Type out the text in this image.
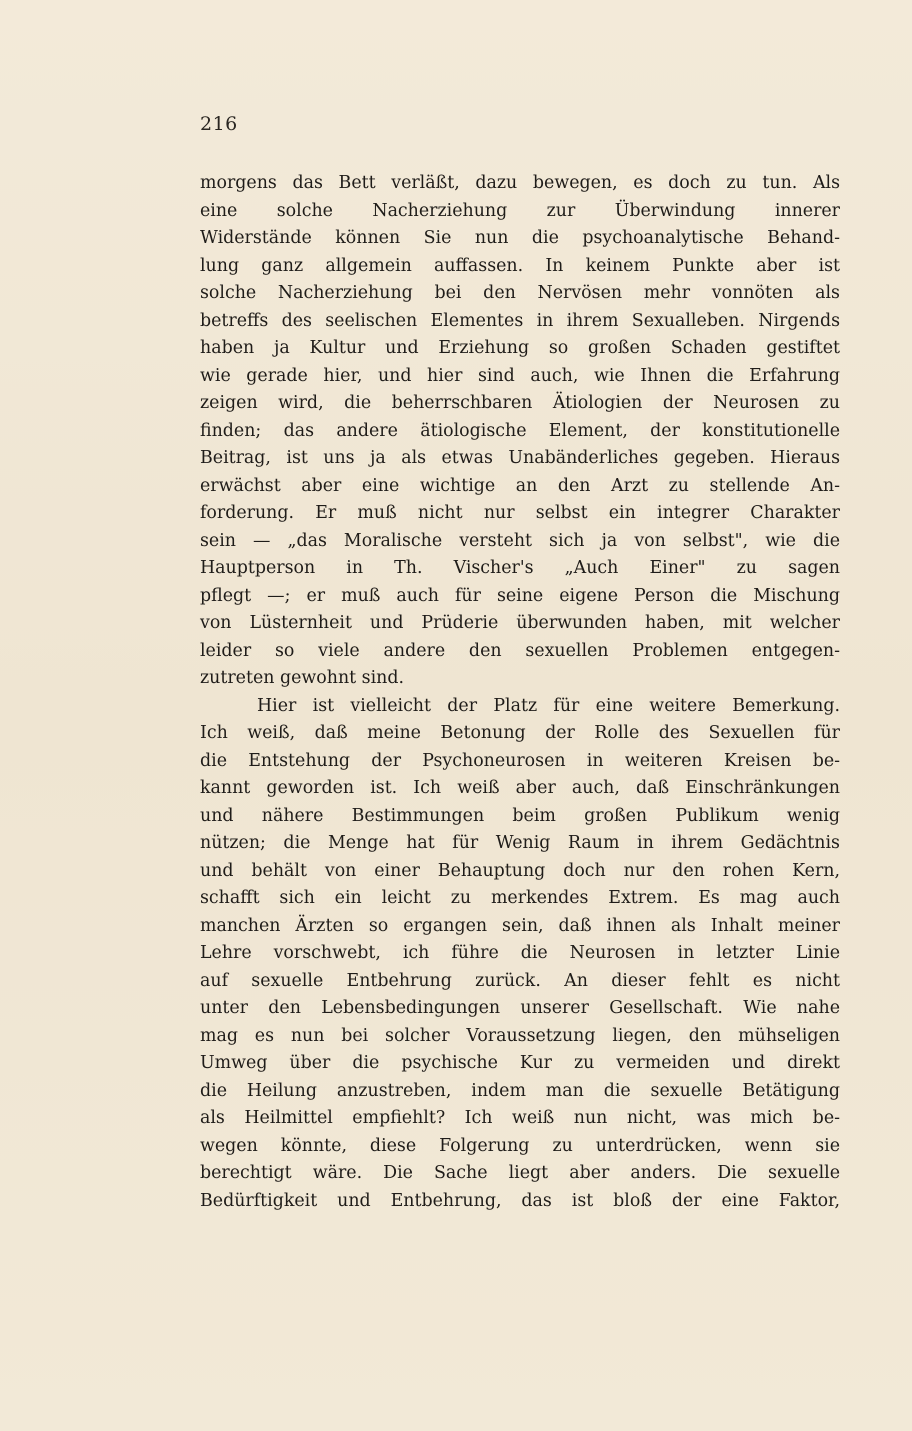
216
morgens das Bett verläßt, dazu bewegen, es doch zu tun. Als
eine solche Nacherziehung zur Überwindung innerer
Widerstände können Sie nun die psychoanalytische Behand-
lung ganz allgemein auffassen. In keinem Punkte aber ist
solche Nacherziehung bei den Nervösen mehr vonnöten als
betreffs des seelischen Elementes in ihrem Sexualleben. Nirgends
haben ja Kultur und Erziehung so großen Schaden gestiftet
wie gerade hier, und hier sind auch, wie Ihnen die Erfahrung
zeigen wird, die beherrschbaren Ätiologien der Neurosen zu
finden; das andere ätiologische Element, der konstitutionelle
Beitrag, ist uns ja als etwas Unabänderliches gegeben. Hieraus
erwächst aber eine wichtige an den Arzt zu stellende An-
forderung. Er muß nicht nur selbst ein integrer Charakter
sein — „das Moralische versteht sich ja von selbst", wie die
Hauptperson in Th. Vischer's „Auch Einer" zu sagen
pflegt —; er muß auch für seine eigene Person die Mischung
von Lüsternheit und Prüderie überwunden haben, mit welcher
leider so viele andere den sexuellen Problemen entgegen-
zutreten gewohnt sind.
Hier ist vielleicht der Platz für eine weitere Bemerkung.
Ich weiß, daß meine Betonung der Rolle des Sexuellen für
die Entstehung der Psychoneurosen in weiteren Kreisen be-
kannt geworden ist. Ich weiß aber auch, daß Einschränkungen
und nähere Bestimmungen beim großen Publikum wenig
nützen; die Menge hat für Wenig Raum in ihrem Gedächtnis
und behält von einer Behauptung doch nur den rohen Kern,
schafft sich ein leicht zu merkendes Extrem. Es mag auch
manchen Ärzten so ergangen sein, daß ihnen als Inhalt meiner
Lehre vorschwebt, ich führe die Neurosen in letzter Linie
auf sexuelle Entbehrung zurück. An dieser fehlt es nicht
unter den Lebensbedingungen unserer Gesellschaft. Wie nahe
mag es nun bei solcher Voraussetzung liegen, den mühseligen
Umweg über die psychische Kur zu vermeiden und direkt
die Heilung anzustreben, indem man die sexuelle Betätigung
als Heilmittel empfiehlt? Ich weiß nun nicht, was mich be-
wegen könnte, diese Folgerung zu unterdrücken, wenn sie
berechtigt wäre. Die Sache liegt aber anders. Die sexuelle
Bedürftigkeit und Entbehrung, das ist bloß der eine Faktor,
